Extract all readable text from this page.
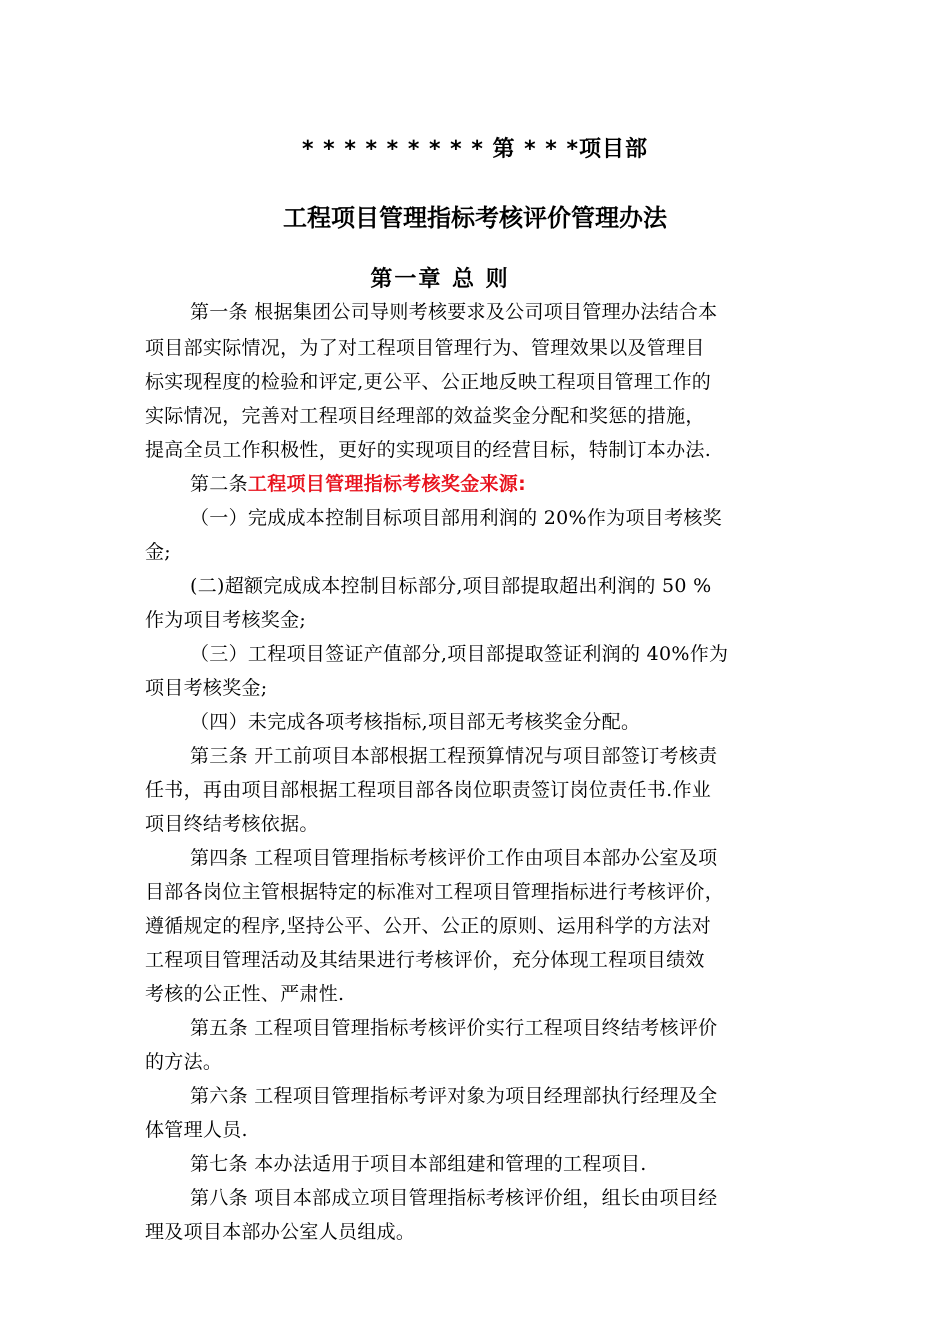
* * * * * * * * * 第 * * *项目部
工程项目管理指标考核评价管理办法
第一章 总 则
第一条 根据集团公司导则考核要求及公司项目管理办法结合本
项目部实际情况，为了对工程项目管理行为、管理效果以及管理目
标实现程度的检验和评定,更公平、公正地反映工程项目管理工作的
实际情况，完善对工程项目经理部的效益奖金分配和奖惩的措施，
提高全员工作积极性，更好的实现项目的经营目标，特制订本办法.
第二条工程项目管理指标考核奖金来源:
（一）完成成本控制目标项目部用利润的 20%作为项目考核奖
金;
(二)超额完成成本控制目标部分,项目部提取超出利润的 50 %
作为项目考核奖金;
（三）工程项目签证产值部分,项目部提取签证利润的 40%作为
项目考核奖金;
（四）未完成各项考核指标,项目部无考核奖金分配。
第三条 开工前项目本部根据工程预算情况与项目部签订考核责
任书，再由项目部根据工程项目部各岗位职责签订岗位责任书.作业
项目终结考核依据。
第四条 工程项目管理指标考核评价工作由项目本部办公室及项
目部各岗位主管根据特定的标准对工程项目管理指标进行考核评价，
遵循规定的程序,坚持公平、公开、公正的原则、运用科学的方法对
工程项目管理活动及其结果进行考核评价，充分体现工程项目绩效
考核的公正性、严肃性.
第五条 工程项目管理指标考核评价实行工程项目终结考核评价
的方法。
第六条 工程项目管理指标考评对象为项目经理部执行经理及全
体管理人员.
第七条 本办法适用于项目本部组建和管理的工程项目.
第八条 项目本部成立项目管理指标考核评价组，组长由项目经
理及项目本部办公室人员组成。
